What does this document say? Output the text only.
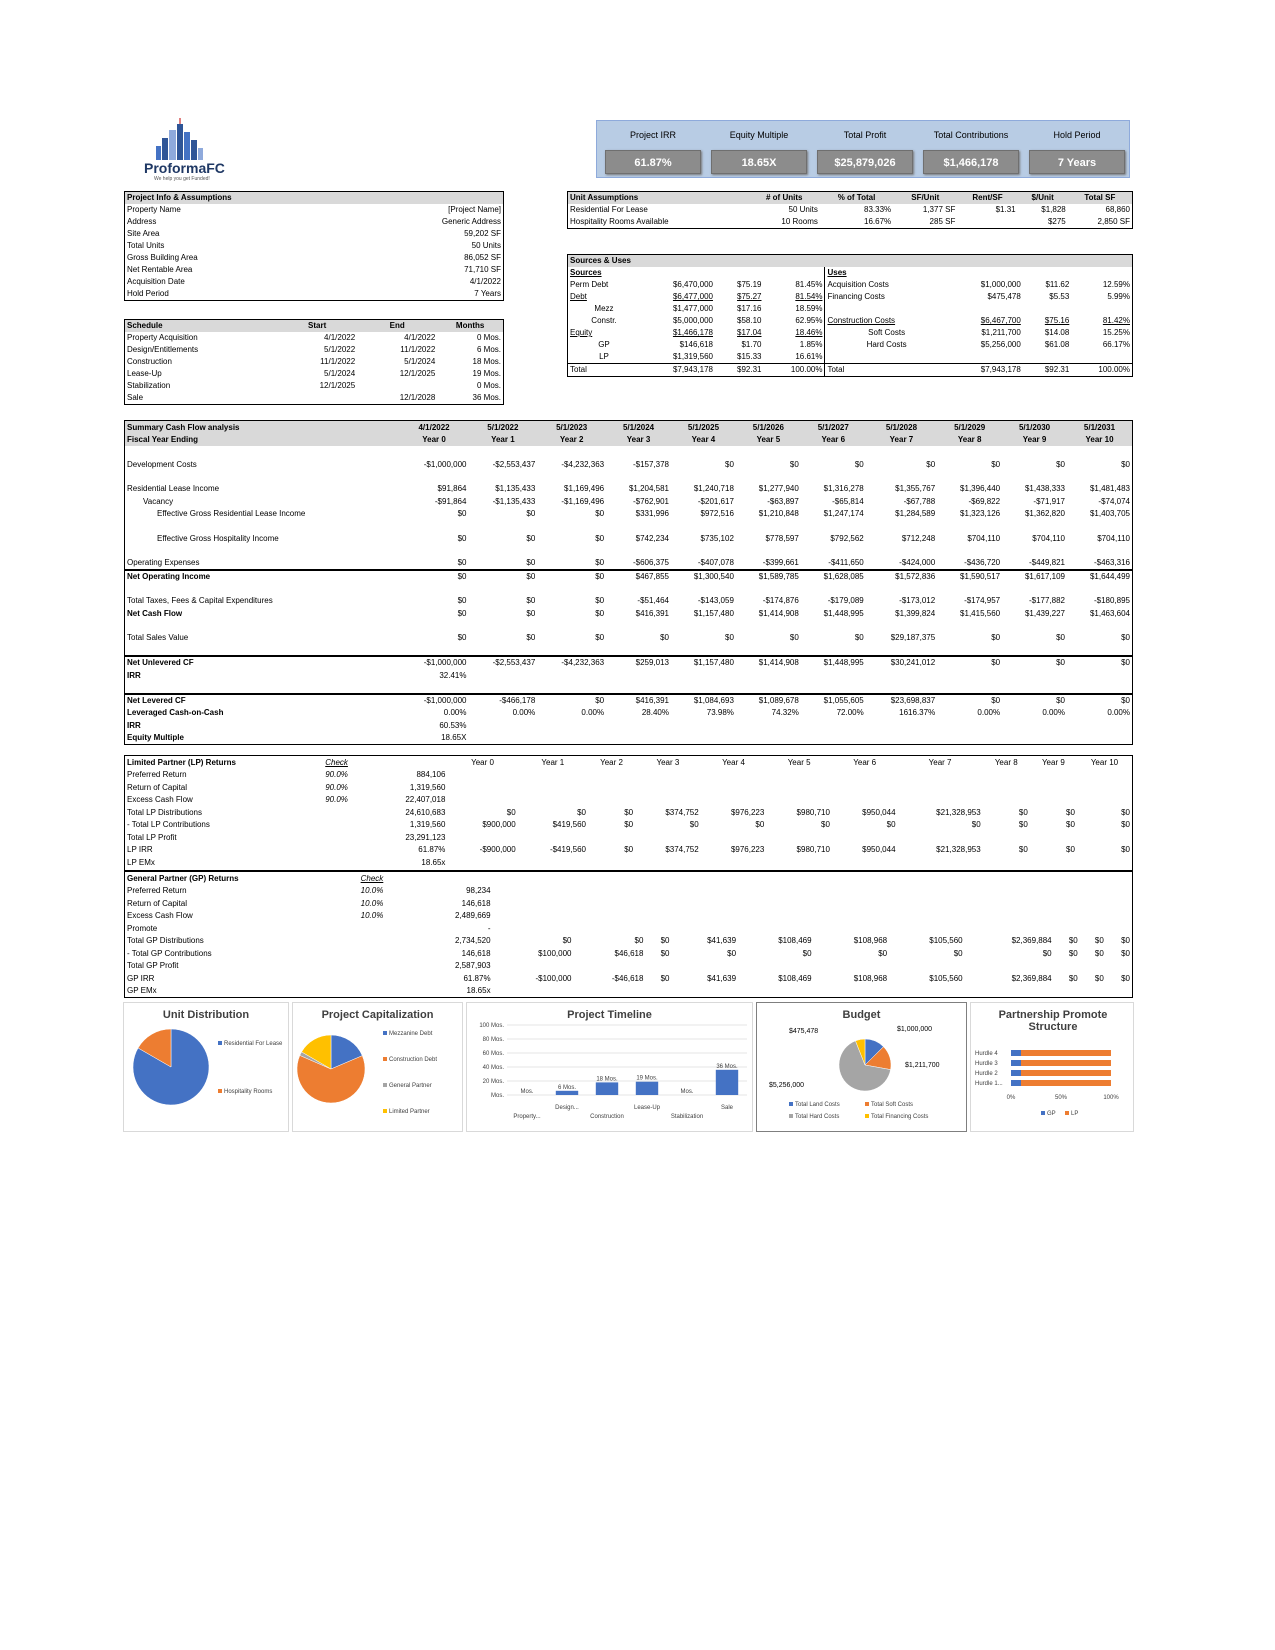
ProformaFC
We help you get Funded!
Project IRR
61.87%
Equity Multiple
18.65X
Total Profit
$25,879,026
Total Contributions
$1,466,178
Hold Period
7 Years
Project Info & Assumptions	
Property Name	[Project Name]
Address	Generic Address
Site Area	59,202 SF
Total Units	50 Units
Gross Building Area	86,052 SF
Net Rentable Area	71,710 SF
Acquisition Date	4/1/2022
Hold Period	7 Years
Schedule	Start	End	Months
Property Acquisition	4/1/2022	4/1/2022	0 Mos.
Design/Entitlements	5/1/2022	11/1/2022	6 Mos.
Construction	11/1/2022	5/1/2024	18 Mos.
Lease-Up	5/1/2024	12/1/2025	19 Mos.
Stabilization	12/1/2025		0 Mos.
Sale		12/1/2028	36 Mos.
Unit Assumptions	# of Units	% of Total	SF/Unit	Rent/SF	$/Unit	Total SF
Residential For Lease	50 Units	83.33%	1,377 SF	$1.31	$1,828	68,860
Hospitality Rooms Available	10 Rooms	16.67%	285 SF		$275	2,850 SF
Sources & Uses							
Sources				Uses			
Perm Debt	$6,470,000	$75.19	81.45%	Acquisition Costs	$1,000,000	$11.62	12.59%
Debt	$6,477,000	$75.27	81.54%	Financing Costs	$475,478	$5.53	5.99%
Mezz	$1,477,000	$17.16	18.59%				
Constr.	$5,000,000	$58.10	62.95%	Construction Costs	$6,467,700	$75.16	81.42%
Equity	$1,466,178	$17.04	18.46%	Soft Costs	$1,211,700	$14.08	15.25%
GP	$146,618	$1.70	1.85%	Hard Costs	$5,256,000	$61.08	66.17%
LP	$1,319,560	$15.33	16.61%				
Total	$7,943,178	$92.31	100.00%	Total	$7,943,178	$92.31	100.00%
Summary Cash Flow analysis		4/1/2022	5/1/2022	5/1/2023	5/1/2024	5/1/2025	5/1/2026	5/1/2027	5/1/2028	5/1/2029	5/1/2030	5/1/2031
Fiscal Year Ending		Year 0	Year 1	Year 2	Year 3	Year 4	Year 5	Year 6	Year 7	Year 8	Year 9	Year 10

Development Costs		-$1,000,000	-$2,553,437	-$4,232,363	-$157,378	$0	$0	$0	$0	$0	$0	$0

Residential Lease Income		$91,864	$1,135,433	$1,169,496	$1,204,581	$1,240,718	$1,277,940	$1,316,278	$1,355,767	$1,396,440	$1,438,333	$1,481,483
Vacancy		-$91,864	-$1,135,433	-$1,169,496	-$762,901	-$201,617	-$63,897	-$65,814	-$67,788	-$69,822	-$71,917	-$74,074
Effective Gross Residential Lease Income		$0	$0	$0	$331,996	$972,516	$1,210,848	$1,247,174	$1,284,589	$1,323,126	$1,362,820	$1,403,705

Effective Gross Hospitality Income		$0	$0	$0	$742,234	$735,102	$778,597	$792,562	$712,248	$704,110	$704,110	$704,110

Operating Expenses		$0	$0	$0	-$606,375	-$407,078	-$399,661	-$411,650	-$424,000	-$436,720	-$449,821	-$463,316
Net Operating Income		$0	$0	$0	$467,855	$1,300,540	$1,589,785	$1,628,085	$1,572,836	$1,590,517	$1,617,109	$1,644,499

Total Taxes, Fees & Capital Expenditures		$0	$0	$0	-$51,464	-$143,059	-$174,876	-$179,089	-$173,012	-$174,957	-$177,882	-$180,895
Net Cash Flow		$0	$0	$0	$416,391	$1,157,480	$1,414,908	$1,448,995	$1,399,824	$1,415,560	$1,439,227	$1,463,604

Total Sales Value		$0	$0	$0	$0	$0	$0	$0	$29,187,375	$0	$0	$0

Net Unlevered CF		-$1,000,000	-$2,553,437	-$4,232,363	$259,013	$1,157,480	$1,414,908	$1,448,995	$30,241,012	$0	$0	$0
IRR		32.41%										

Net Levered CF		-$1,000,000	-$466,178	$0	$416,391	$1,084,693	$1,089,678	$1,055,605	$23,698,837	$0	$0	$0
Leveraged Cash-on-Cash		0.00%	0.00%	0.00%	28.40%	73.98%	74.32%	72.00%	1616.37%	0.00%	0.00%	0.00%
IRR		60.53%										
Equity Multiple		18.65X										
Limited Partner (LP) Returns	Check		Year 0	Year 1	Year 2	Year 3	Year 4	Year 5	Year 6	Year 7	Year 8	Year 9	Year 10
Preferred Return	90.0%	884,106											
Return of Capital	90.0%	1,319,560											
Excess Cash Flow	90.0%	22,407,018											
Total LP Distributions		24,610,683	$0	$0	$0	$374,752	$976,223	$980,710	$950,044	$21,328,953	$0	$0	$0
- Total LP Contributions		1,319,560	$900,000	$419,560	$0	$0	$0	$0	$0	$0	$0	$0	$0
Total LP Profit		23,291,123											
LP IRR		61.87%	-$900,000	-$419,560	$0	$374,752	$976,223	$980,710	$950,044	$21,328,953	$0	$0	$0
LP EMx		18.65x											
General Partner (GP) Returns	Check												
Preferred Return	10.0%	98,234											
Return of Capital	10.0%	146,618											
Excess Cash Flow	10.0%	2,489,669											
Promote		-											
Total GP Distributions		2,734,520	$0	$0	$0	$41,639	$108,469	$108,968	$105,560	$2,369,884	$0	$0	$0
- Total GP Contributions		146,618	$100,000	$46,618	$0	$0	$0	$0	$0	$0	$0	$0	$0
Total GP Profit		2,587,903											
GP IRR		61.87%	-$100,000	-$46,618	$0	$41,639	$108,469	$108,968	$105,560	$2,369,884	$0	$0	$0
GP EMx		18.65x											
Unit Distribution
Residential For Lease
Hospitality Rooms
Project Capitalization
Mezzanine Debt
Construction Debt
General Partner
Limited Partner
Project Timeline
100 Mos.
80 Mos.
60 Mos.
40 Mos.
20 Mos.
Mos.
Mos.
Property...
6 Mos.
Design...
18 Mos.
Construction
19 Mos.
Lease-Up
Mos.
Stabilization
36 Mos.
Sale
Budget
$1,000,000
$1,211,700
$5,256,000
$475,478
Total Land Costs	Total Soft Costs
Total Hard Costs	Total Financing Costs
Partnership Promote Structure
Hurdle 4
Hurdle 3
Hurdle 2
Hurdle 1...
0%	50%	100%
GP	LP
